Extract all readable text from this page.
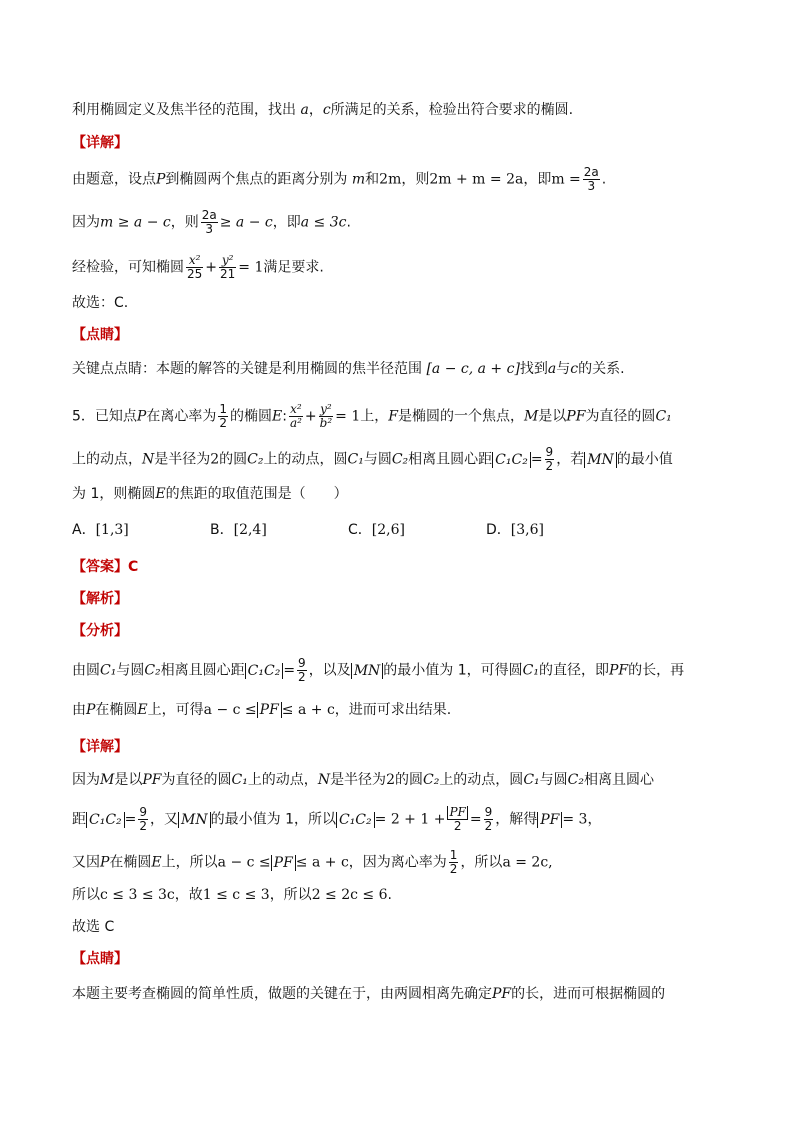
利用椭圆定义及焦半径的范围，找出 a，c所满足的关系，检验出符合要求的椭圆.
【详解】
由题意，设点P到椭圆两个焦点的距离分别为 m和2m，则2m + m = 2a，即$m = \frac{2a}{3}$ .
因为m ≥ a − c，则 $\frac{2a}{3} \ge a - c$，即a ≤ 3c.
经检验，可知椭圆 $\frac{\text{x²}}{25} + \frac{\text{y²}}{21} = 1$满足要求.
故选：C.
【点睛】
关键点点睛：本题的解答的关键是利用椭圆的焦半径范围 [a − c, a + c]找到a与c的关系.
5．已知点P在离心率为 $\frac{1}{2}$ 的椭圆E: $\frac{\text{x²}}{\text{a²}} + \frac{\text{y²}}{\text{b²}} = 1$上，F是椭圆的一个焦点，M是以PF为直径的圆C₁
上的动点，N是半径为2的圆C₂上的动点，圆C₁与圆C₂相离且圆心距 $C_1C_2 = \frac{9}{2}$ ，若 MN 的最小值
为 1，则椭圆E的焦距的取值范围是（　　）
A．[1,3]	B．[2,4]	C．[2,6]	D．[3,6]
【答案】C
【解析】
【分析】
由圆C₁与圆C₂相离且圆心距 $C_1C_2 = \frac{9}{2}$ ，以及 MN 的最小值为 1，可得圆C₁的直径，即PF的长，再
由P在椭圆E上，可得a − c ≤ PF ≤ a + c，进而可求出结果.
【详解】
因为M是以PF为直径的圆C₁上的动点，N是半径为2的圆C₂上的动点，圆C₁与圆C₂相离且圆心
距 $C_1C_2 = \frac{9}{2}$ ，又 MN 的最小值为 1，所以 $C_1C_2 = 2 + 1 + \frac{PF}{2} = \frac{9}{2}$ ，解得 PF = 3，
又因P在椭圆E上，所以a − c ≤ PF ≤ a + c，因为离心率为 $\frac{1}{2}$ ，所以a = 2c,
所以c ≤ 3 ≤ 3c，故1 ≤ c ≤ 3，所以2 ≤ 2c ≤ 6.
故选 C
【点睛】
本题主要考查椭圆的简单性质，做题的关键在于，由两圆相离先确定PF的长，进而可根据椭圆的
